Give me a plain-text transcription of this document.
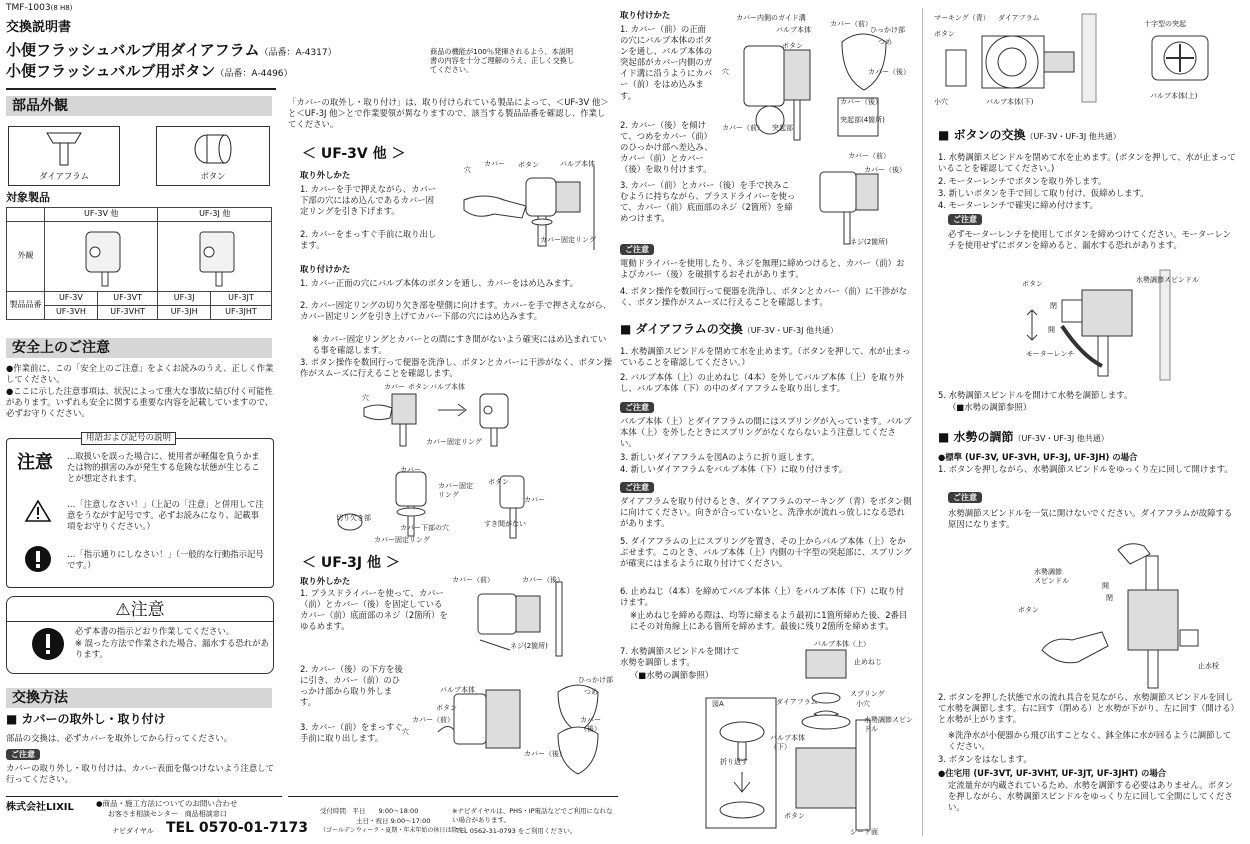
TMF-1003(8 H8)
交換説明書
小便フラッシュバルブ用ダイアフラム（品番：A-4317）
小便フラッシュバルブ用ボタン（品番：A-4496）
部品外観
ダイアフラム	ボタン
対象製品
	UF-3V 他		UF-3J 他	
外観	

製品品番	UF-3V	UF-3VT	UF-3J	UF-3JT
	UF-3VH	UF-3VHT	UF-3JH	UF-3JHT
安全上のご注意
●作業前に、この「安全上のご注意」をよくお読みのうえ、正しく作業してください。
●ここに示した注意事項は、状況によって重大な事故に結び付く可能性があります。いずれも安全に関する重要な内容を記載していますので、必ずお守りください。
用語および記号の説明
注意 …取扱いを誤った場合に、使用者が軽傷を負うかまたは物的損害のみが発生する危険な状態が生じることが想定されます。
…「注意しなさい！」（上記の「注意」と併用して注意をうながす記号です。必ずお読みになり、記載事項をお守りください。）
…「指示通りにしなさい！」（一般的な行動指示記号です。）
⚠注意
必ず本書の指示どおり作業してください。
※ 誤った方法で作業された場合、漏水する恐れがあります。
交換方法
■ カバーの取外し・取り付け
部品の交換は、必ずカバーを取外してから行ってください。
ご注意
カバーの取り外し・取り付けは、カバー表面を傷つけないよう注意して行ってください。
株式会社LIXIL	●商品・施工方法についてのお問い合わせ
お客さま相談センター　商品相談窓口
ナビダイヤル TEL 0570-01-7173
受付時間　平日　　9:00〜18:00
土日・祝日 9:00〜17:00
（ゴールデンウィーク・夏期・年末年始の休日は除く）
※ナビダイヤルは、PHS・IP電話などでご利用になれない場合があります。
TEL 0562-31-0793 をご利用ください。
「カバーの取外し・取り付け」は、取り付けられている製品によって、＜UF-3V 他＞と＜UF-3J 他＞とで作業要領が異なりますので、該当する製品品番を確認し、作業してください。
＜ UF-3V 他 ＞
取り外しかた
1. カバーを手で押えながら、カバー下部の穴にはめ込んであるカバー固定リングを引き下げます。
2. カバーをまっすぐ手前に取り出します。
バルブ本体
ボタン
カバー
穴
カバー固定リング
取り付けかた
1. カバー正面の穴にバルブ本体のボタンを通し、カバーをはめ込みます。
2. カバー固定リングの切り欠き部を壁側に向けます。カバーを手で押さえながら、カバー固定リングを引き上げてカバー下部の穴にはめ込みます。
※ カバー固定リングとカバーとの間にすき間がないよう確実にはめ込まれている事を確認します。
3. ボタン操作を数回行って便器を洗浄し、ボタンとカバーに干渉がなく、ボタン操作がスムーズに行えることを確認します。
カバー ボタン バルブ本体
穴
カバー固定リング
カバー
カバー固定リング
カバー下部の穴
カバー固定リング
切り欠き部
ボタン
カバー
すき間がない
＜ UF-3J 他 ＞
取り外しかた
1. プラスドライバーを使って、カバー（前）とカバー（後）を固定しているカバー（前）底面部のネジ（2箇所）をゆるめます。
2. カバー（後）の下方を後に引き、カバー（前）のひっかけ部から取り外します。
3. カバー（前）をまっすぐ手前に取り出します。
カバー（前）	カバー（後）
ネジ(2箇所)
バルブ本体
カバー（前）
ボタン
穴
カバー（後）
ひっかけ部
つめ
カバー（後）
商品の機能が100％発揮されるよう、本説明書の内容を十分ご理解のうえ、正しく交換してください。
取り付けかた
1. カバー（前）の正面の穴にバルブ本体のボタンを通し、バルブ本体の突起部がカバー内側のガイド溝に沿うようにカバー（前）をはめ込みます。
2. カバー（後）を傾けて、つめをカバー（前）のひっかけ部へ差込み、カバー（前）とカバー（後）を取り付けます。
3. カバー（前）とカバー（後）を手で挟みこむように持ちながら、プラスドライバーを使って、カバー（前）底面部のネジ（2箇所）を締めつけます。
カバー内側のガイド溝
バルブ本体
ボタン
穴
カバー（前） 突起部
カバー（前）
ひっかけ部
つめ
カバー（後）
カバー（後）
突起部(4箇所)
カバー（前）
カバー（後）
ネジ(2箇所)
ご注意
電動ドライバーを使用したり、ネジを無理に締めつけると、カバー（前）およびカバー（後）を破損するおそれがあります。
4. ボタン操作を数回行って便器を洗浄し、ボタンとカバー（前）に干渉がなく、ボタン操作がスムーズに行えることを確認します。
■ ダイアフラムの交換（UF-3V・UF-3J 他共通）
1. 水勢調節スピンドルを閉めて水を止めます。（ボタンを押して、水が止まっていることを確認してください。）
2. バルブ本体（上）の止めねじ（4本）を外してバルブ本体（上）を取り外し、バルブ本体（下）の中のダイアフラムを取り出します。
ご注意
バルブ本体（上）とダイアフラムの間にはスプリングが入っています。バルブ本体（上）を外したときにスプリングがなくならないよう注意してください。
3. 新しいダイアフラムを図Aのように折り返します。
4. 新しいダイアフラムをバルブ本体（下）に取り付けます。
ご注意
ダイアフラムを取り付けるとき、ダイアフラムのマーキング（青）をボタン側に向けてください。向きが合っていないと、洗浄水が流れっ放しになる恐れがあります。
5. ダイアフラムの上にスプリングを置き、その上からバルブ本体（上）をかぶせます。このとき、バルブ本体（上）内側の十字型の突起部に、スプリングが確実にはまるように取り付けてください。
6. 止めねじ（4本）を締めてバルブ本体（上）をバルブ本体（下）に取り付けます。
※止めねじを締める際は、均等に締まるよう最初に1箇所締めた後、2番目にその対角線上にある箇所を締めます。最後に残り2箇所を締めます。
7. 水勢調節スピンドルを開けて水勢を調節します。
（■水勢の調節参照）
バルブ本体（上）
止めねじ
スプリング
小穴
ダイアフラム
水勢調節スピンドル
バルブ本体（下）
図A
折り返す
ボタン
シート面
マーキング（青） ダイアフラム
ボタン
小穴	バルブ本体(下)
十字型の突起
バルブ本体(上)
■ ボタンの交換（UF-3V・UF-3J 他共通）
1. 水勢調節スピンドルを閉めて水を止めます。(ボタンを押して、水が止まっていることを確認してください。)
2. モーターレンチでボタンを取り外します。
3. 新しいボタンを手で回して取り付け、仮締めします。
4. モーターレンチで確実に締め付けます。
ご注意
必ずモーターレンチを使用してボタンを締めつけてください。モーターレンチを使用せずにボタンを締めると、漏水する恐れがあります。
ボタン	水勢調節スピンドル
閉
開
モーターレンチ
5. 水勢調節スピンドルを開けて水勢を調節します。
（■水勢の調節参照）
■ 水勢の調節（UF-3V・UF-3J 他共通）
●標準 (UF-3V, UF-3VH, UF-3J, UF-3JH) の場合
1. ボタンを押しながら、水勢調節スピンドルをゆっくり左に回して開けます。
ご注意
水勢調節スピンドルを一気に開けないでください。ダイアフラムが故障する原因になります。
水勢調節
スピンドル
開
閉
ボタン
止水栓
2. ボタンを押した状態で水の流れ具合を見ながら、水勢調節スピンドルを回して水勢を調節します。右に回す（閉める）と水勢が下がり、左に回す（開ける）と水勢が上がります。
※洗浄水が小便器から飛び出すことなく、鉢全体に水が回るように調節してください。
3. ボタンをはなします。
●住宅用 (UF-3VT, UF-3VHT, UF-3JT, UF-3JHT) の場合
定流量弁が内蔵されているため、水勢を調節する必要はありません。ボタンを押しながら、水勢調節スピンドルをゆっくり左に回して全開にしてください。
